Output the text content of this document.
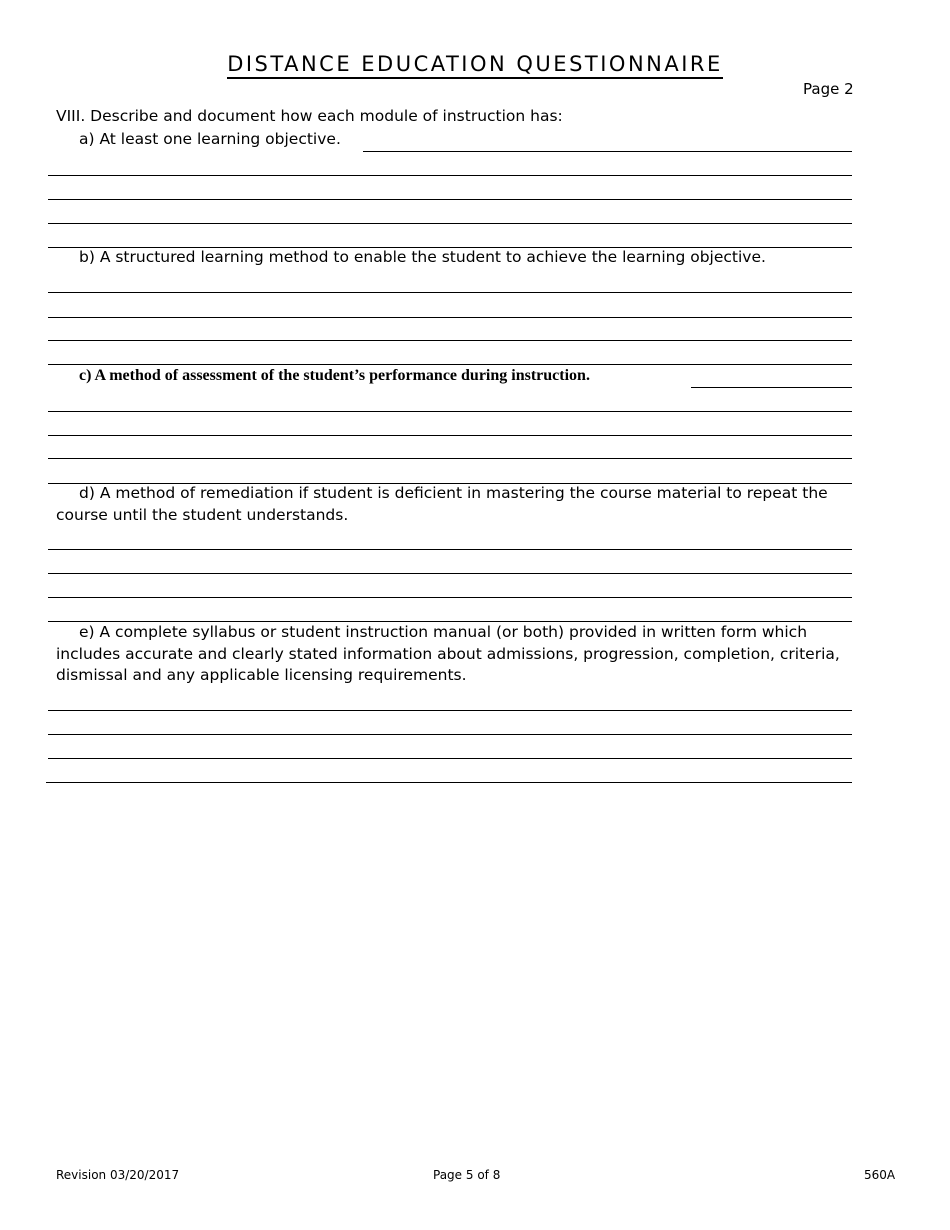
DISTANCE EDUCATION QUESTIONNAIRE
Page 2
VIII. Describe and document how each module of instruction has:
a) At least one learning objective.
b) A structured learning method to enable the student to achieve the learning objective.
c) A method of assessment of the student’s performance during instruction.
d) A method of remediation if student is deficient in mastering the course material to repeat the course until the student understands.
e) A complete syllabus or student instruction manual (or both) provided in written form which includes accurate and clearly stated information about admissions, progression, completion, criteria, dismissal and any applicable licensing requirements.
Revision 03/20/2017	Page 5 of 8	560A
